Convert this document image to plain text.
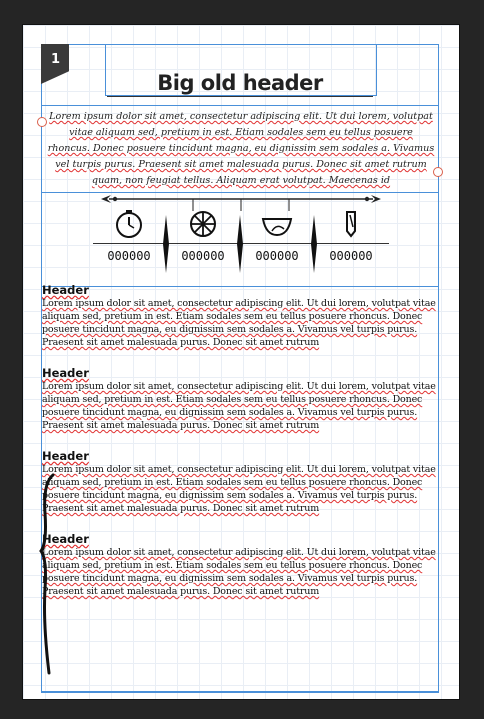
1
Big old header
Lorem ipsum dolor sit amet, consectetur adipiscing elit. Ut dui lorem, volutpat vitae aliquam sed, pretium in est. Etiam sodales sem eu tellus posuere rhoncus. Donec posuere tincidunt magna, eu dignissim sem sodales a. Vivamus vel turpis purus. Praesent sit amet malesuada purus. Donec sit amet rutrum quam, non feugiat tellus. Aliquam erat volutpat. Maecenas id
000000	000000	000000	000000

Header

Lorem ipsum dolor sit amet, consectetur adipiscing elit. Ut dui lorem, volutpat vitae aliquam sed, pretium in est. Etiam sodales sem eu tellus posuere rhoncus. Donec posuere tincidunt magna, eu dignissim sem sodales a. Vivamus vel turpis purus. Praesent sit amet malesuada purus. Donec sit amet rutrum

Header

Lorem ipsum dolor sit amet, consectetur adipiscing elit. Ut dui lorem, volutpat vitae aliquam sed, pretium in est. Etiam sodales sem eu tellus posuere rhoncus. Donec posuere tincidunt magna, eu dignissim sem sodales a. Vivamus vel turpis purus. Praesent sit amet malesuada purus. Donec sit amet rutrum

Header

Lorem ipsum dolor sit amet, consectetur adipiscing elit. Ut dui lorem, volutpat vitae aliquam sed, pretium in est. Etiam sodales sem eu tellus posuere rhoncus. Donec posuere tincidunt magna, eu dignissim sem sodales a. Vivamus vel turpis purus. Praesent sit amet malesuada purus. Donec sit amet rutrum

Header

Lorem ipsum dolor sit amet, consectetur adipiscing elit. Ut dui lorem, volutpat vitae aliquam sed, pretium in est. Etiam sodales sem eu tellus posuere rhoncus. Donec posuere tincidunt magna, eu dignissim sem sodales a. Vivamus vel turpis purus. Praesent sit amet malesuada purus. Donec sit amet rutrum
